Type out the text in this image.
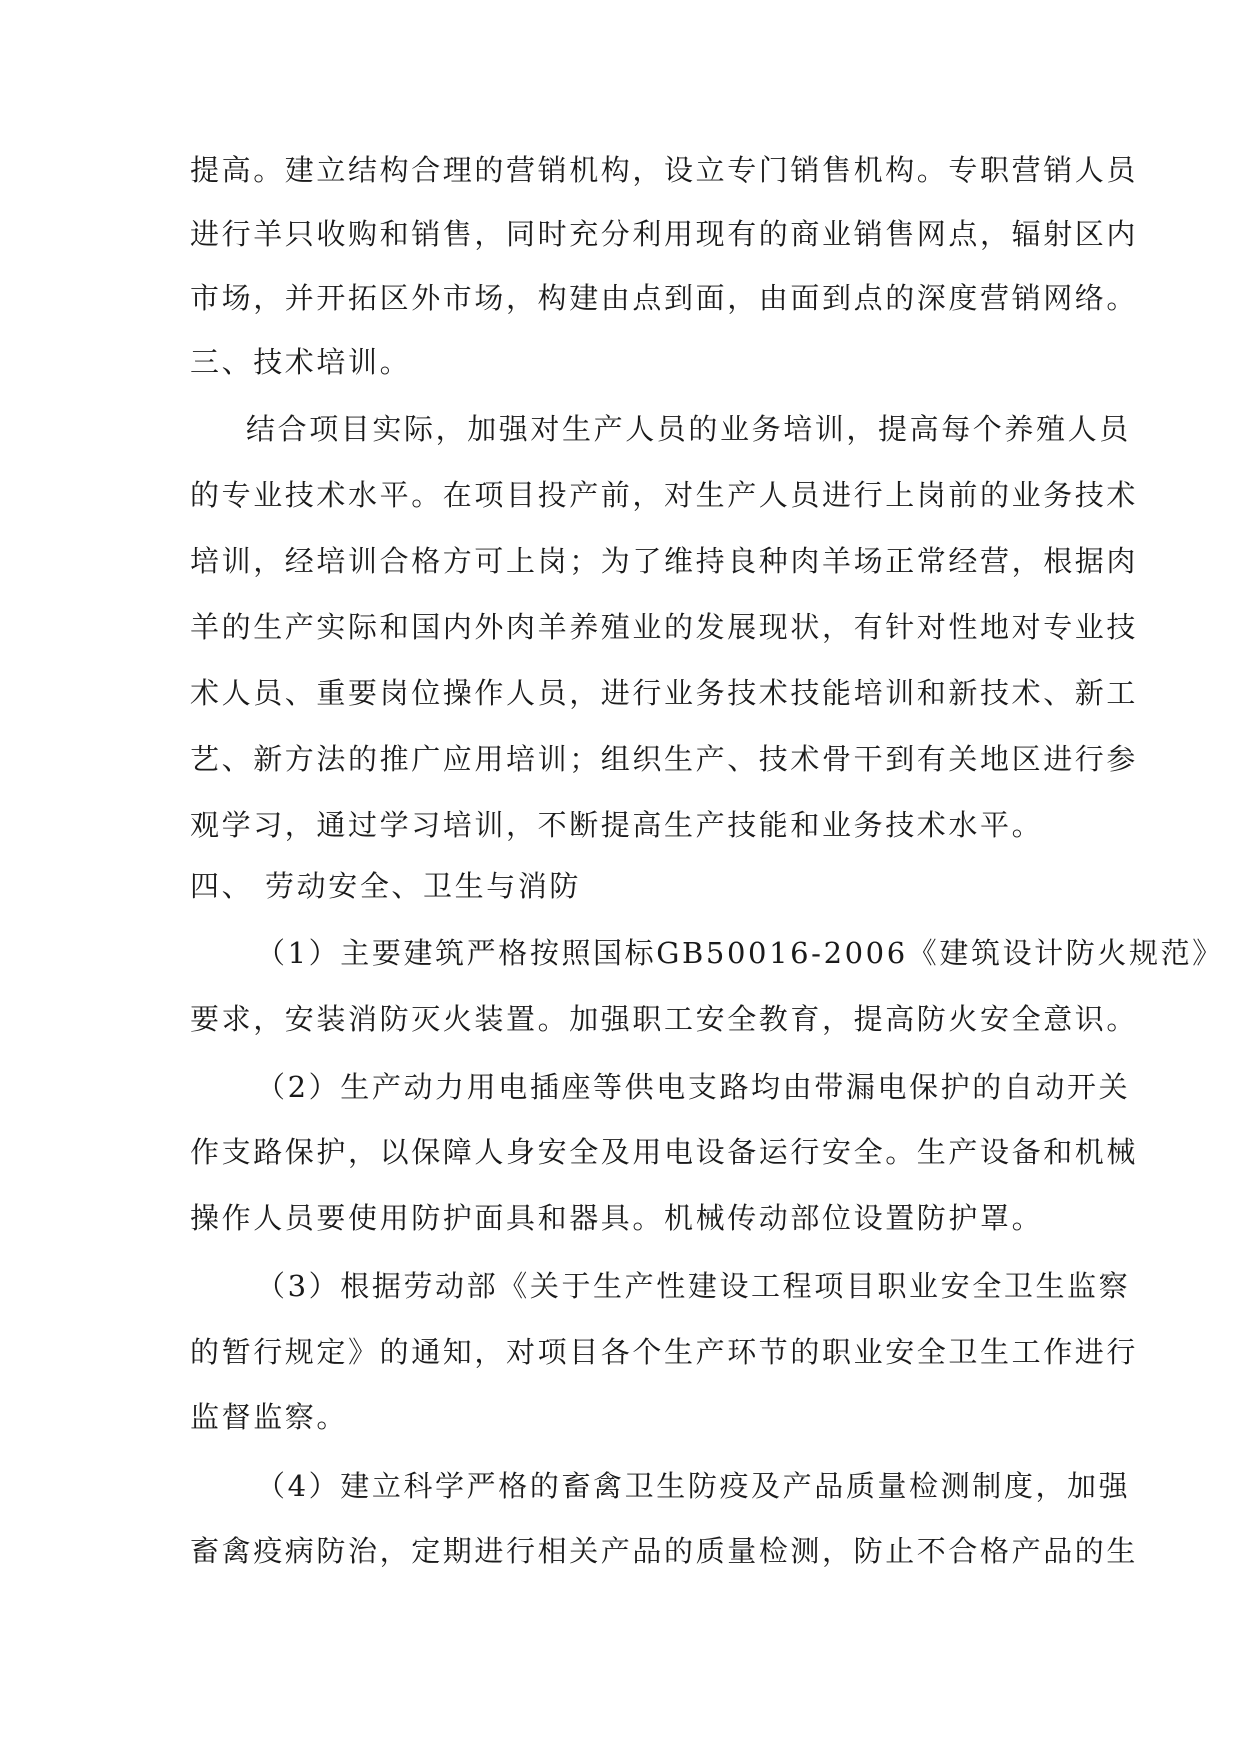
提高。建立结构合理的营销机构，设立专门销售机构。专职营销人员
进行羊只收购和销售，同时充分利用现有的商业销售网点，辐射区内
市场，并开拓区外市场，构建由点到面，由面到点的深度营销网络。
三、技术培训。
结合项目实际，加强对生产人员的业务培训，提高每个养殖人员
的专业技术水平。在项目投产前，对生产人员进行上岗前的业务技术
培训，经培训合格方可上岗；为了维持良种肉羊场正常经营，根据肉
羊的生产实际和国内外肉羊养殖业的发展现状，有针对性地对专业技
术人员、重要岗位操作人员，进行业务技术技能培训和新技术、新工
艺、新方法的推广应用培训；组织生产、技术骨干到有关地区进行参
观学习，通过学习培训，不断提高生产技能和业务技术水平。
四、 劳动安全、卫生与消防
（1）主要建筑严格按照国标GB50016-2006《建筑设计防火规范》
要求，安装消防灭火装置。加强职工安全教育，提高防火安全意识。
（2）生产动力用电插座等供电支路均由带漏电保护的自动开关
作支路保护，以保障人身安全及用电设备运行安全。生产设备和机械
操作人员要使用防护面具和器具。机械传动部位设置防护罩。
（3）根据劳动部《关于生产性建设工程项目职业安全卫生监察
的暂行规定》的通知，对项目各个生产环节的职业安全卫生工作进行
监督监察。
（4）建立科学严格的畜禽卫生防疫及产品质量检测制度，加强
畜禽疫病防治，定期进行相关产品的质量检测，防止不合格产品的生
